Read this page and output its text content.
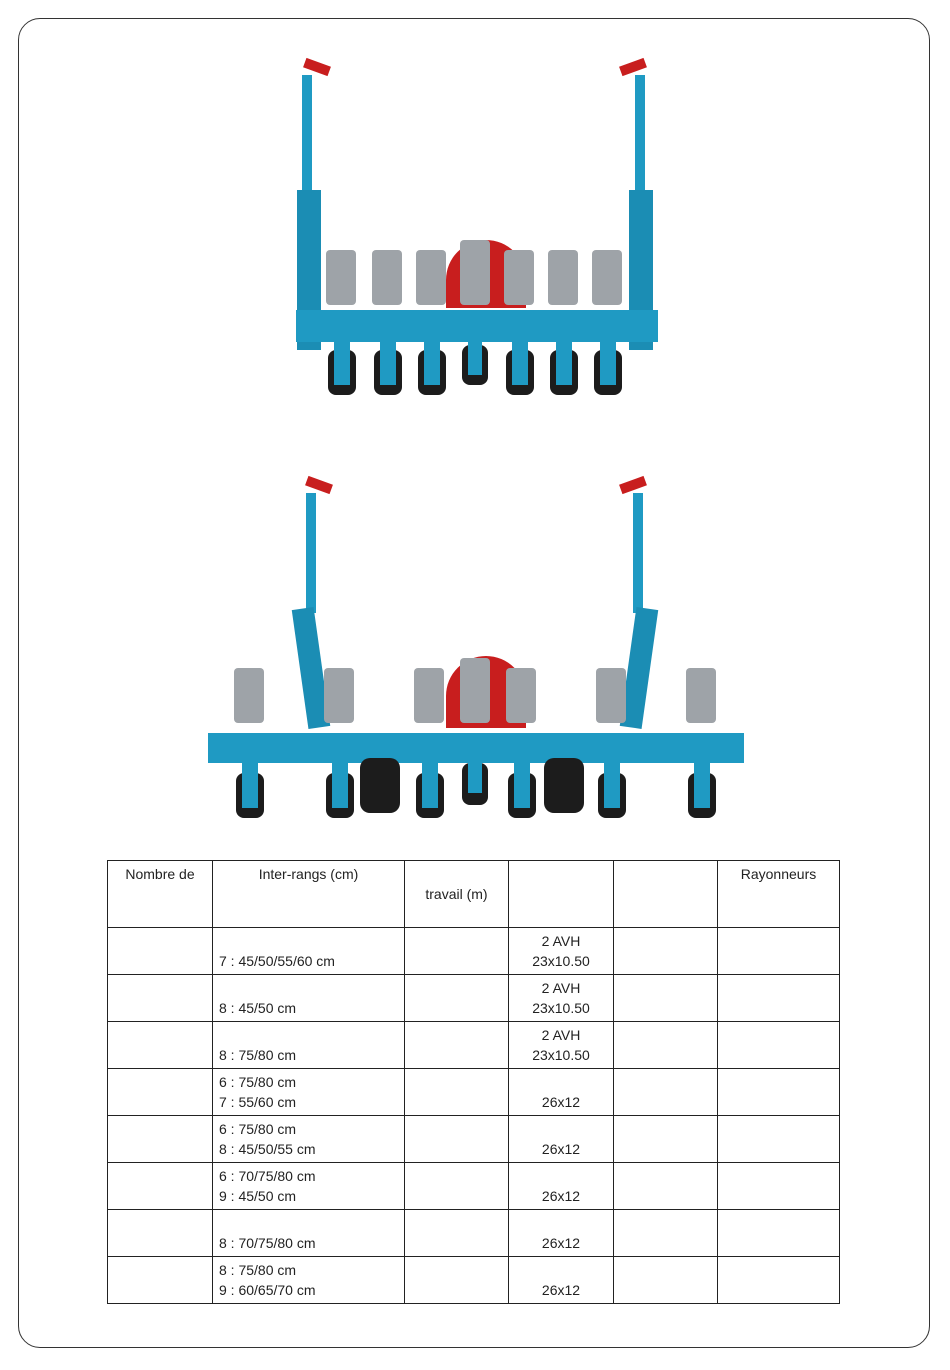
Nombre de	Inter-rangs (cm)	travail (m)			Rayonneurs

	7 : 45/50/55/60 cm		2 AVH
23x10.50		

	8 : 45/50 cm		2 AVH
23x10.50		

	8 : 75/80 cm		2 AVH
23x10.50		

	6 : 75/80 cm
7 : 55/60 cm		26x12		

	6 : 75/80 cm
8 : 45/50/55 cm		26x12		

	6 : 70/75/80 cm
9 : 45/50 cm		26x12		

	8 : 70/75/80 cm		26x12		

	8 : 75/80 cm
9 : 60/65/70 cm		26x12		
